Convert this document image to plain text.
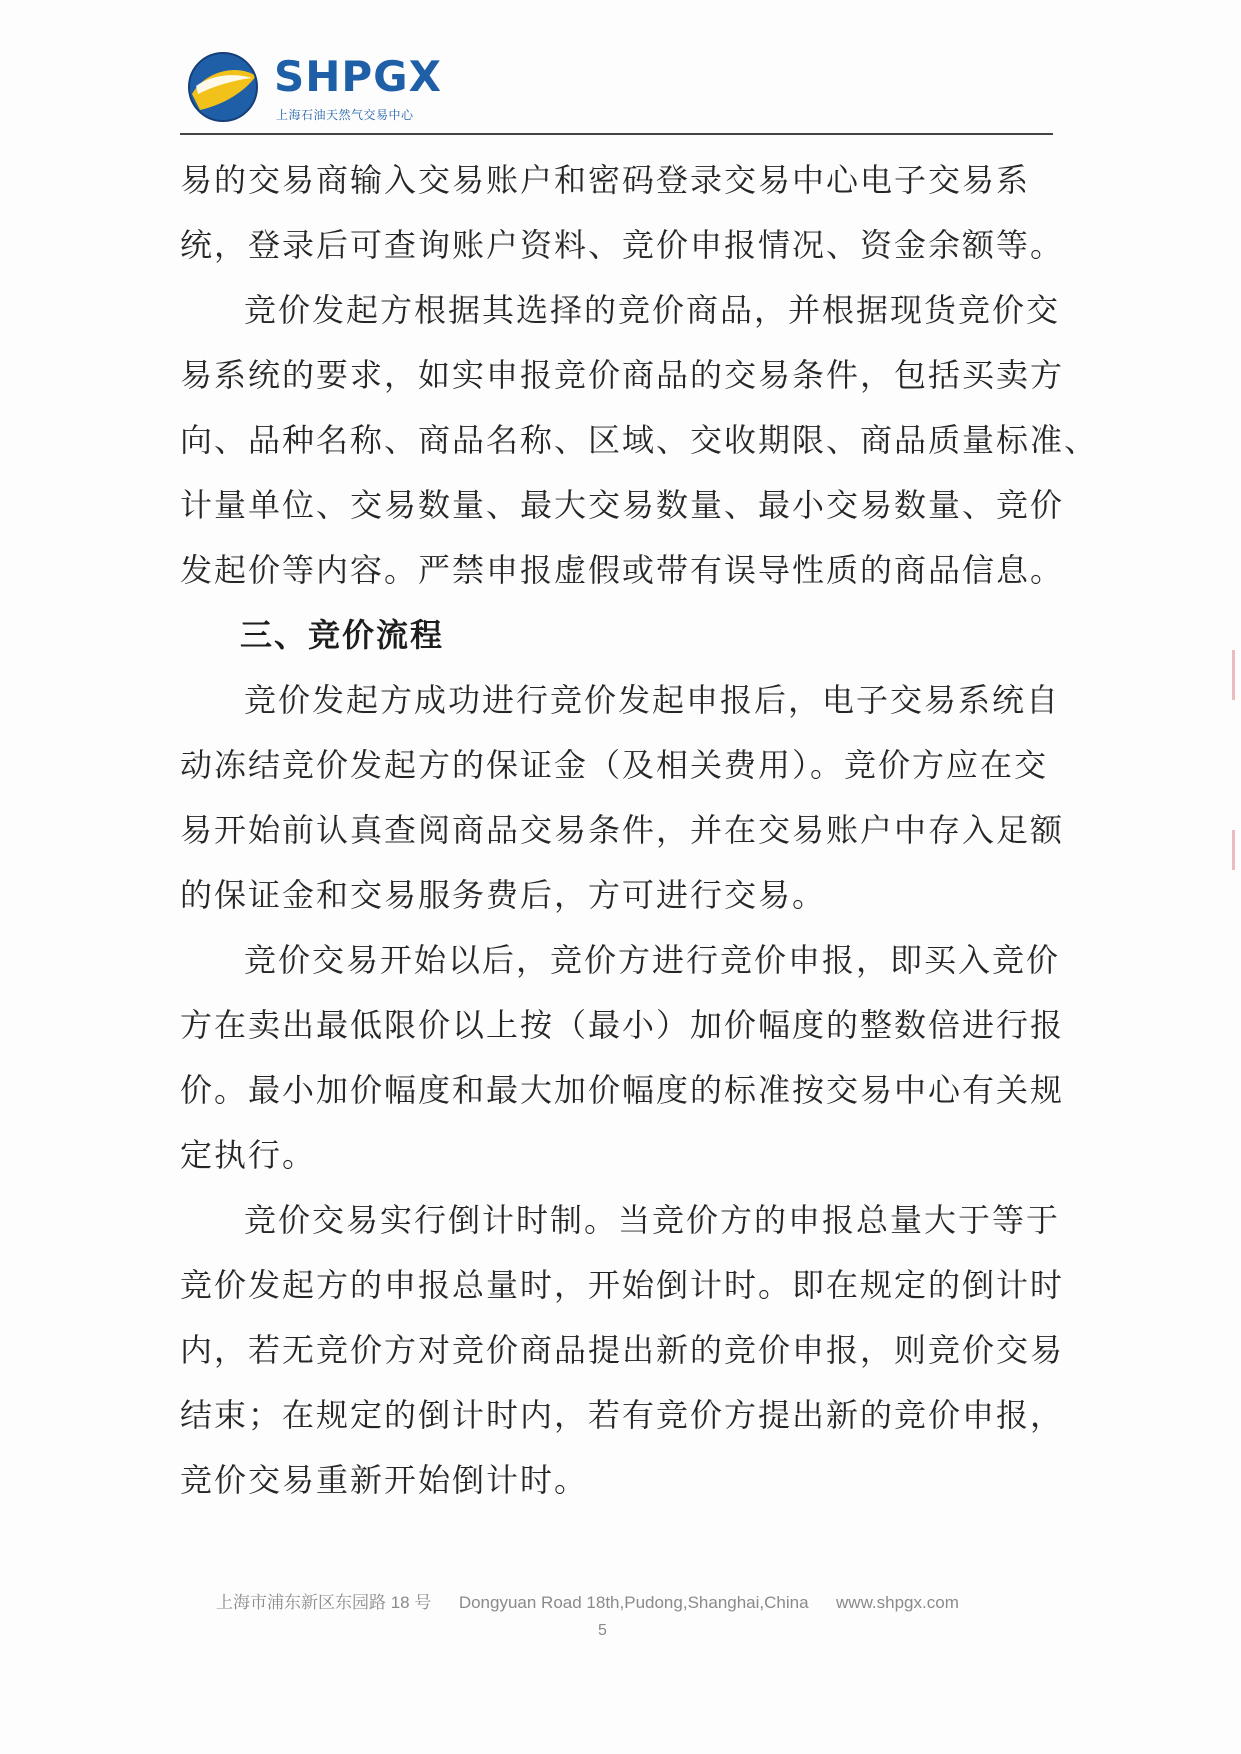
SHPGX
上海石油天然气交易中心
易的交易商输入交易账户和密码登录交易中心电子交易系
统，登录后可查询账户资料、竞价申报情况、资金余额等。
竞价发起方根据其选择的竞价商品，并根据现货竞价交
易系统的要求，如实申报竞价商品的交易条件，包括买卖方
向、品种名称、商品名称、区域、交收期限、商品质量标准、
计量单位、交易数量、最大交易数量、最小交易数量、竞价
发起价等内容。严禁申报虚假或带有误导性质的商品信息。
三、竞价流程
竞价发起方成功进行竞价发起申报后，电子交易系统自
动冻结竞价发起方的保证金（及相关费用）。竞价方应在交
易开始前认真查阅商品交易条件，并在交易账户中存入足额
的保证金和交易服务费后，方可进行交易。
竞价交易开始以后，竞价方进行竞价申报，即买入竞价
方在卖出最低限价以上按（最小）加价幅度的整数倍进行报
价。最小加价幅度和最大加价幅度的标准按交易中心有关规
定执行。
竞价交易实行倒计时制。当竞价方的申报总量大于等于
竞价发起方的申报总量时，开始倒计时。即在规定的倒计时
内，若无竞价方对竞价商品提出新的竞价申报，则竞价交易
结束；在规定的倒计时内，若有竞价方提出新的竞价申报，
竞价交易重新开始倒计时。
上海市浦东新区东园路 18 号 Dongyuan Road 18th,Pudong,Shanghai,China www.shpgx.com
5
